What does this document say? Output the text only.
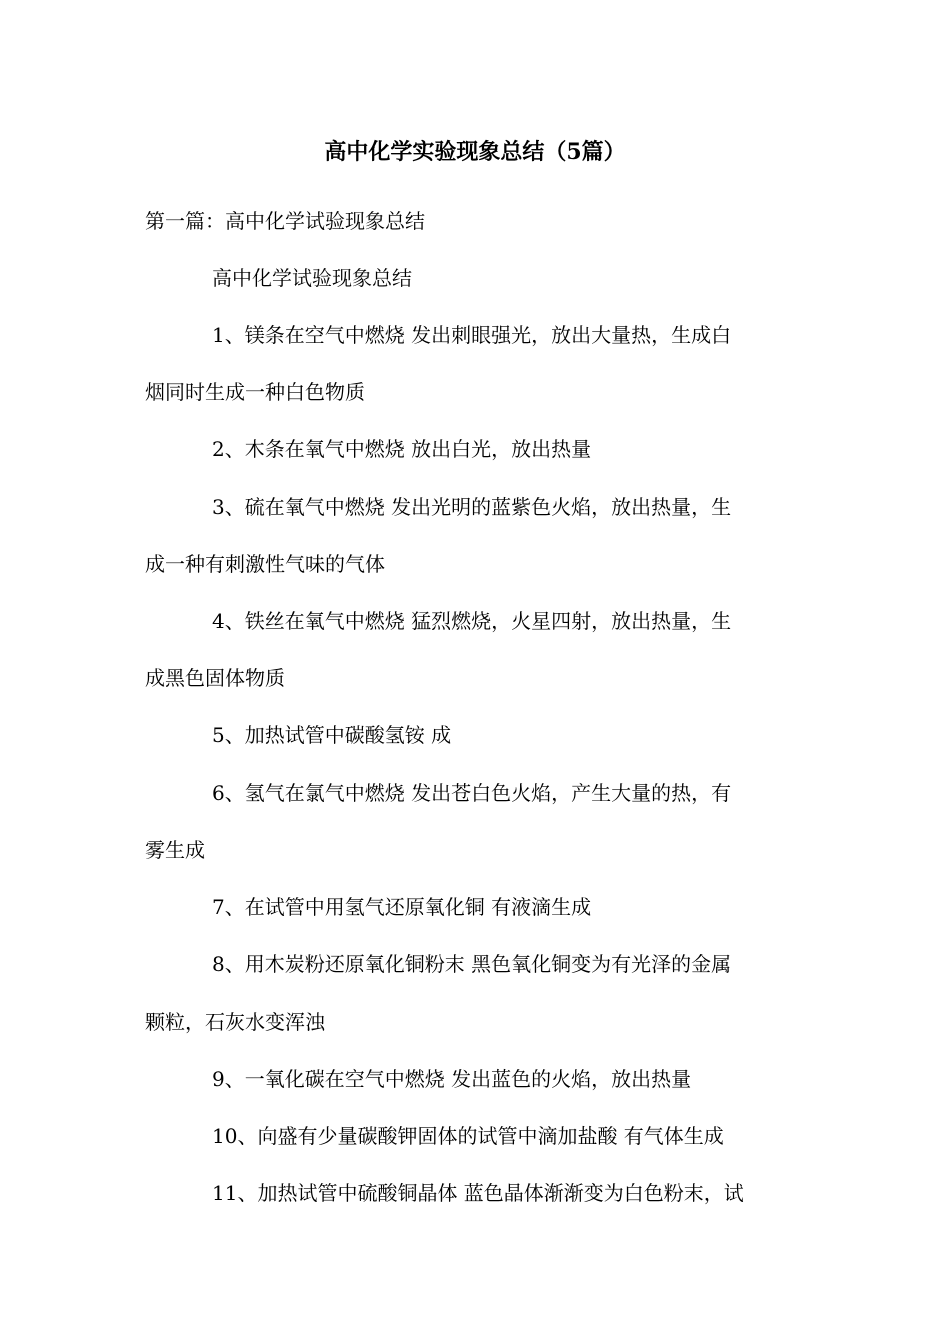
高中化学实验现象总结（5篇）
第一篇：高中化学试验现象总结
高中化学试验现象总结
1、镁条在空气中燃烧 发出刺眼强光，放出大量热，生成白
烟同时生成一种白色物质
2、木条在氧气中燃烧 放出白光，放出热量
3、硫在氧气中燃烧 发出光明的蓝紫色火焰，放出热量，生
成一种有刺激性气味的气体
4、铁丝在氧气中燃烧 猛烈燃烧，火星四射，放出热量，生
成黑色固体物质
5、加热试管中碳酸氢铵 成
6、氢气在氯气中燃烧 发出苍白色火焰，产生大量的热，有
雾生成
7、在试管中用氢气还原氧化铜 有液滴生成
8、用木炭粉还原氧化铜粉末 黑色氧化铜变为有光泽的金属
颗粒，石灰水变浑浊
9、一氧化碳在空气中燃烧 发出蓝色的火焰，放出热量
10、向盛有少量碳酸钾固体的试管中滴加盐酸 有气体生成
11、加热试管中硫酸铜晶体 蓝色晶体渐渐变为白色粉末，试
